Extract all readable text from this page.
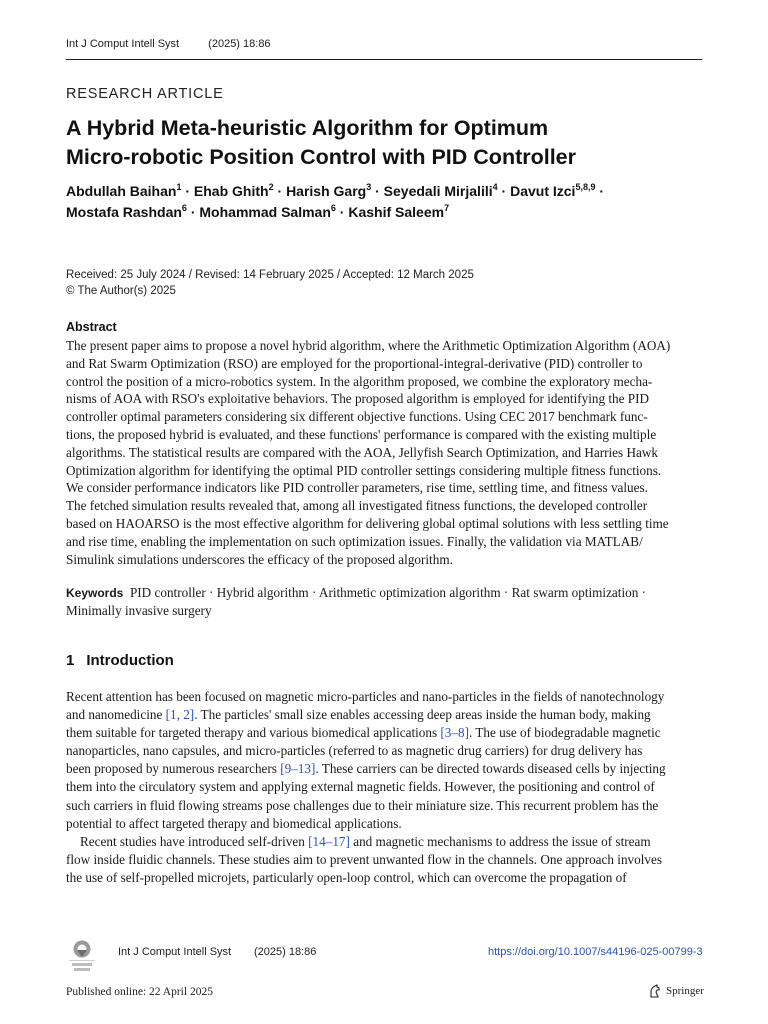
Int J Comput Intell Syst	(2025) 18:86
RESEARCH ARTICLE
A Hybrid Meta-heuristic Algorithm for Optimum
Micro-robotic Position Control with PID Controller
Abdullah Baihan$^1$ · Ehab Ghith$^2$ · Harish Garg$^3$ · Seyedali Mirjalili$^4$ · Davut Izci$^{5,8,9}$ ·
Mostafa Rashdan$^6$ · Mohammad Salman$^6$ · Kashif Saleem$^7$
Received: 25 July 2024 / Revised: 14 February 2025 / Accepted: 12 March 2025
© The Author(s) 2025
Abstract
The present paper aims to propose a novel hybrid algorithm, where the Arithmetic Optimization Algorithm (AOA)
and Rat Swarm Optimization (RSO) are employed for the proportional-integral-derivative (PID) controller to
control the position of a micro-robotics system. In the algorithm proposed, we combine the exploratory mecha-
nisms of AOA with RSO's exploitative behaviors. The proposed algorithm is employed for identifying the PID
controller optimal parameters considering six different objective functions. Using CEC 2017 benchmark func-
tions, the proposed hybrid is evaluated, and these functions' performance is compared with the existing multiple
algorithms. The statistical results are compared with the AOA, Jellyfish Search Optimization, and Harries Hawk
Optimization algorithm for identifying the optimal PID controller settings considering multiple fitness functions.
We consider performance indicators like PID controller parameters, rise time, settling time, and fitness values.
The fetched simulation results revealed that, among all investigated fitness functions, the developed controller
based on HAOARSO is the most effective algorithm for delivering global optimal solutions with less settling time
and rise time, enabling the implementation on such optimization issues. Finally, the validation via MATLAB/
Simulink simulations underscores the efficacy of the proposed algorithm.
Keywords PID controller · Hybrid algorithm · Arithmetic optimization algorithm · Rat swarm optimization ·
Minimally invasive surgery
1 Introduction
Recent attention has been focused on magnetic micro-particles and nano-particles in the fields of nanotechnology
and nanomedicine [1, 2]. The particles' small size enables accessing deep areas inside the human body, making
them suitable for targeted therapy and various biomedical applications [3–8]. The use of biodegradable magnetic
nanoparticles, nano capsules, and micro-particles (referred to as magnetic drug carriers) for drug delivery has
been proposed by numerous researchers [9–13]. These carriers can be directed towards diseased cells by injecting
them into the circulatory system and applying external magnetic fields. However, the positioning and control of
such carriers in fluid flowing streams pose challenges due to their miniature size. This recurrent problem has the
potential to affect targeted therapy and biomedical applications.
Recent studies have introduced self-driven [14–17] and magnetic mechanisms to address the issue of stream
flow inside fluidic channels. These studies aim to prevent unwanted flow in the channels. One approach involves
the use of self-propelled microjets, particularly open-loop control, which can overcome the propagation of
Int J Comput Intell Syst (2025) 18:86	https://doi.org/10.1007/s44196-025-00799-3
Published online: 22 April 2025	Springer
